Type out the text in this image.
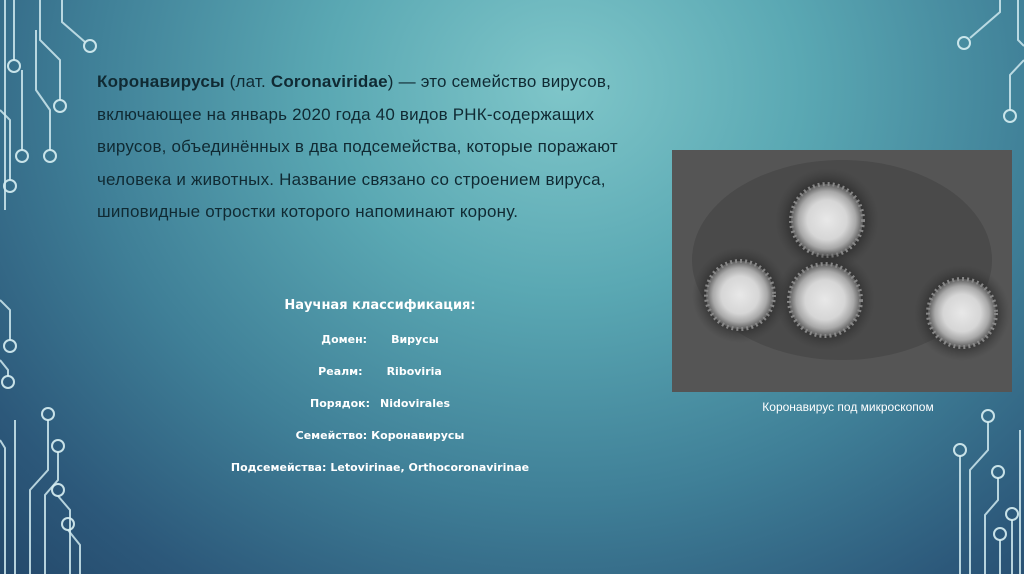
Коронавирусы (лат. Coronaviridae) — это семейство вирусов, включающее на январь 2020 года 40 видов РНК-содержащих вирусов, объединённых в два подсемейства, которые поражают человека и животных. Название связано со строением вируса, шиповидные отростки которого напоминают корону.
Научная классификация:
Домен: Вирусы
Реалм: Riboviria
Порядок: Nidovirales
Семейство: Коронавирусы
Подсемейства: Letovirinae, Orthocoronavirinae
Коронавирус под микроскопом
